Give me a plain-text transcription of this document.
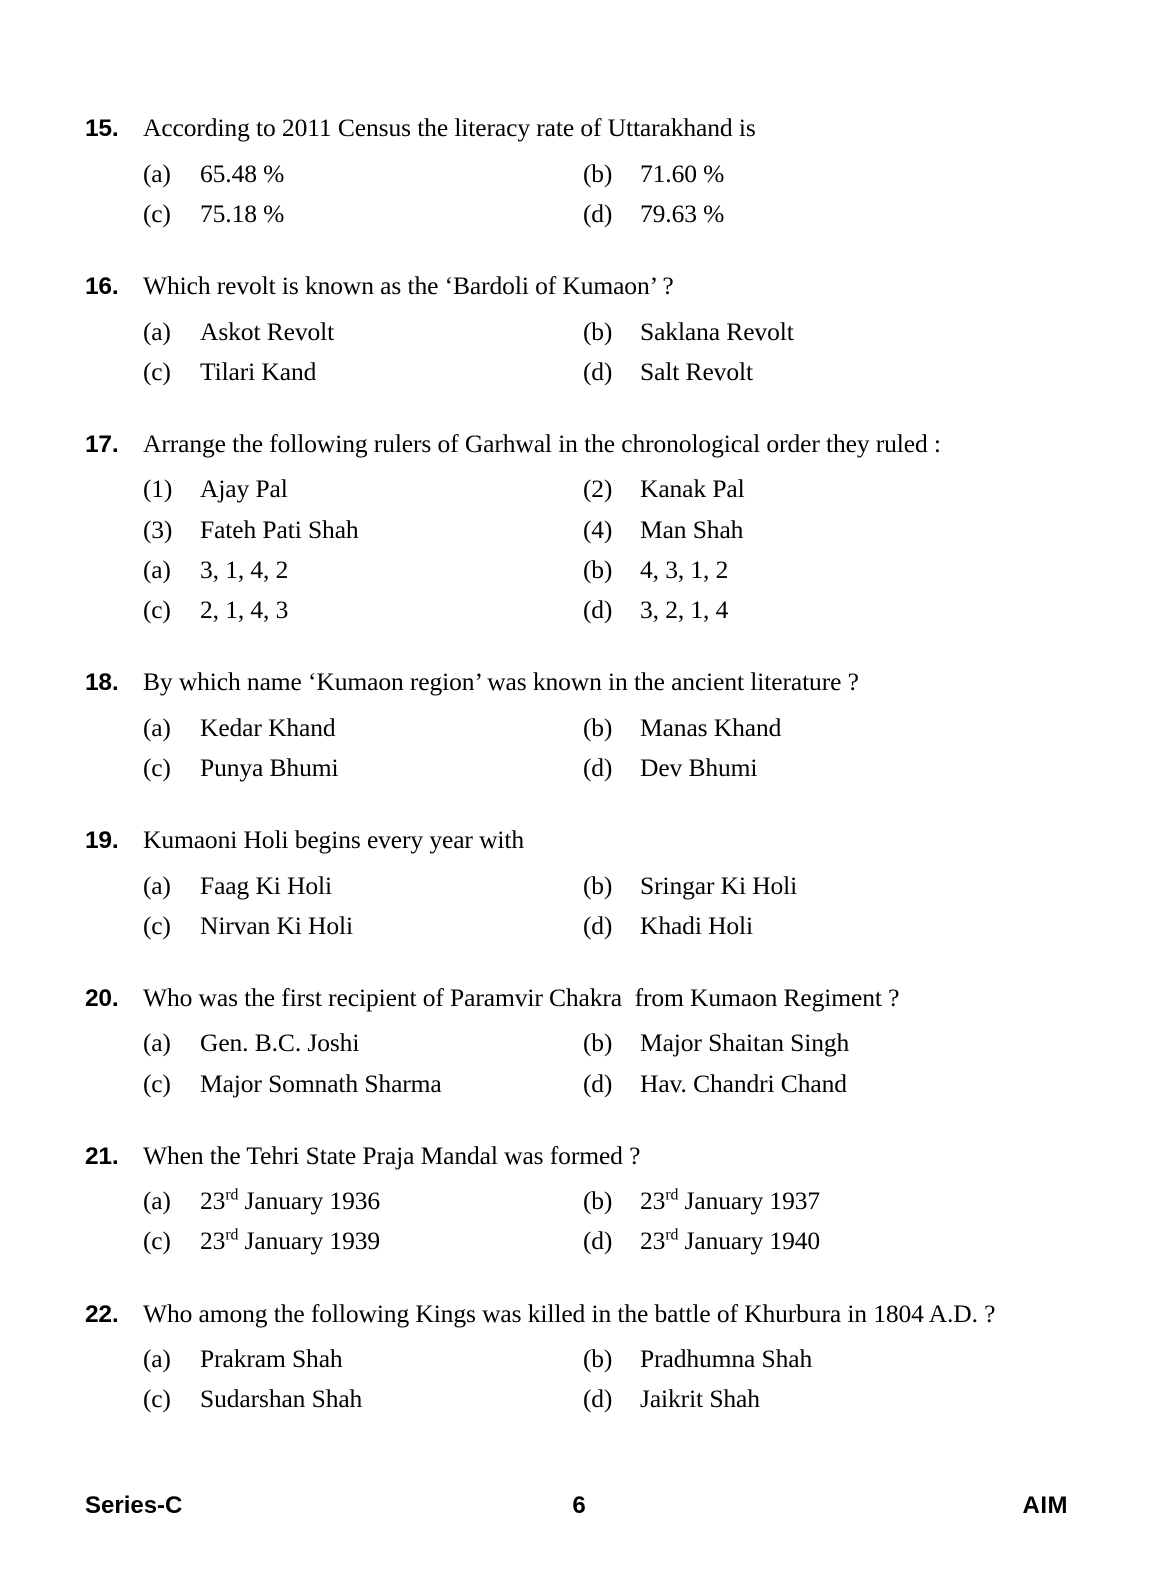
15. According to 2011 Census the literacy rate of Uttarakhand is
(a)	65.48 %	(b)	71.60 %
(c)	75.18 %	(d)	79.63 %
16. Which revolt is known as the ‘Bardoli of Kumaon’ ?
(a)	Askot Revolt	(b)	Saklana Revolt
(c)	Tilari Kand	(d)	Salt Revolt
17. Arrange the following rulers of Garhwal in the chronological order they ruled :
(1)	Ajay Pal	(2)	Kanak Pal
(3)	Fateh Pati Shah	(4)	Man Shah
(a)	3, 1, 4, 2	(b)	4, 3, 1, 2
(c)	2, 1, 4, 3	(d)	3, 2, 1, 4
18. By which name ‘Kumaon region’ was known in the ancient literature ?
(a)	Kedar Khand	(b)	Manas Khand
(c)	Punya Bhumi	(d)	Dev Bhumi
19. Kumaoni Holi begins every year with
(a)	Faag Ki Holi	(b)	Sringar Ki Holi
(c)	Nirvan Ki Holi	(d)	Khadi Holi
20. Who was the first recipient of Paramvir Chakra  from Kumaon Regiment ?
(a)	Gen. B.C. Joshi	(b)	Major Shaitan Singh
(c)	Major Somnath Sharma	(d)	Hav. Chandri Chand
21. When the Tehri State Praja Mandal was formed ?
(a)	23rd January 1936	(b)	23rd January 1937
(c)	23rd January 1939	(d)	23rd January 1940
22. Who among the following Kings was killed in the battle of Khurbura in 1804 A.D. ?
(a)	Prakram Shah	(b)	Pradhumna Shah
(c)	Sudarshan Shah	(d)	Jaikrit Shah
Series-C	6	AIM
